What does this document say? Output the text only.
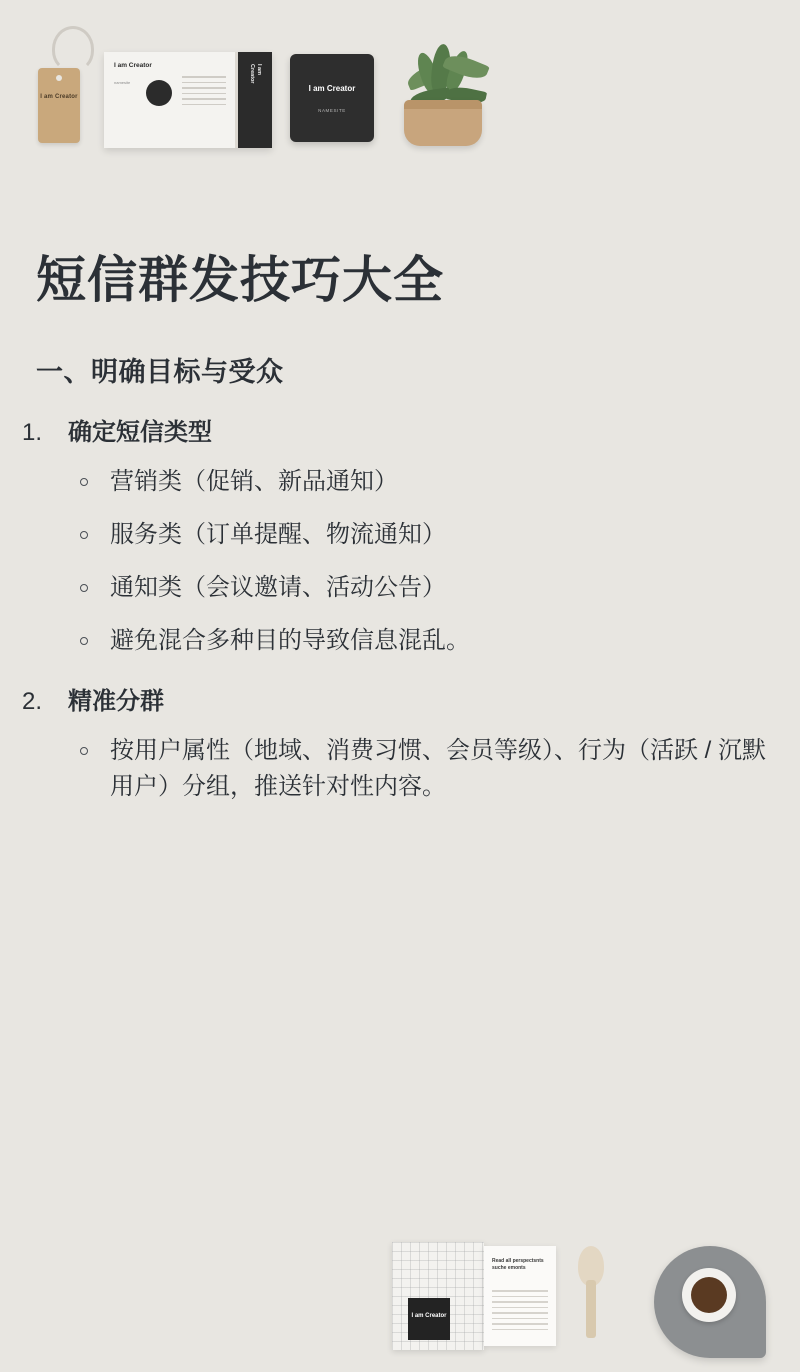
I am Creator
I am Creator
namesite
I am Creator
I am Creator
NAMESITE
短信群发技巧大全
一、明确目标与受众
1.	确定短信类型
营销类（促销、新品通知）
服务类（订单提醒、物流通知）
通知类（会议邀请、活动公告）
避免混合多种目的导致信息混乱。
2.	精准分群
按用户属性（地域、消费习惯、会员等级）、行为（活跃 / 沉默用户）分组，推送针对性内容。
I am Creator
Read all perspectsnts suche emonts
